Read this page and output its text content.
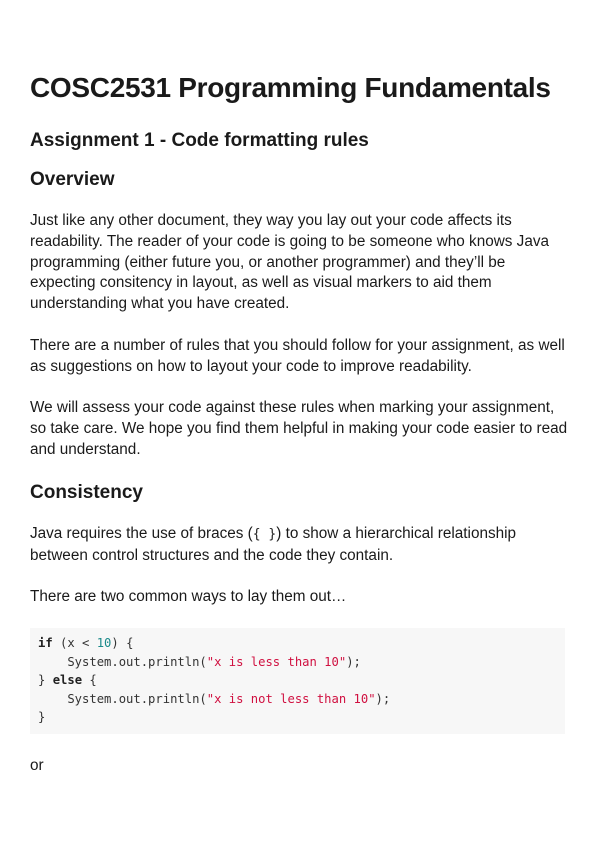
COSC2531 Programming Fundamentals
Assignment 1 - Code formatting rules
Overview

Just like any other document, they way you lay out your code affects its readability. The reader of your code is going to be someone who knows Java programming (either future you, or another programmer) and they’ll be expecting consitency in layout, as well as visual markers to aid them understanding what you have created.

There are a number of rules that you should follow for your assignment, as well as suggestions on how to layout your code to improve readability.

We will assess your code against these rules when marking your assignment, so take care. We hope you find them helpful in making your code easier to read and understand.

Consistency

Java requires the use of braces ({ }) to show a hierarchical relationship between control structures and the code they contain.

There are two common ways to lay them out…

if (x < 10) {
System.out.println("x is less than 10");
} else {
System.out.println("x is not less than 10");
}

or
